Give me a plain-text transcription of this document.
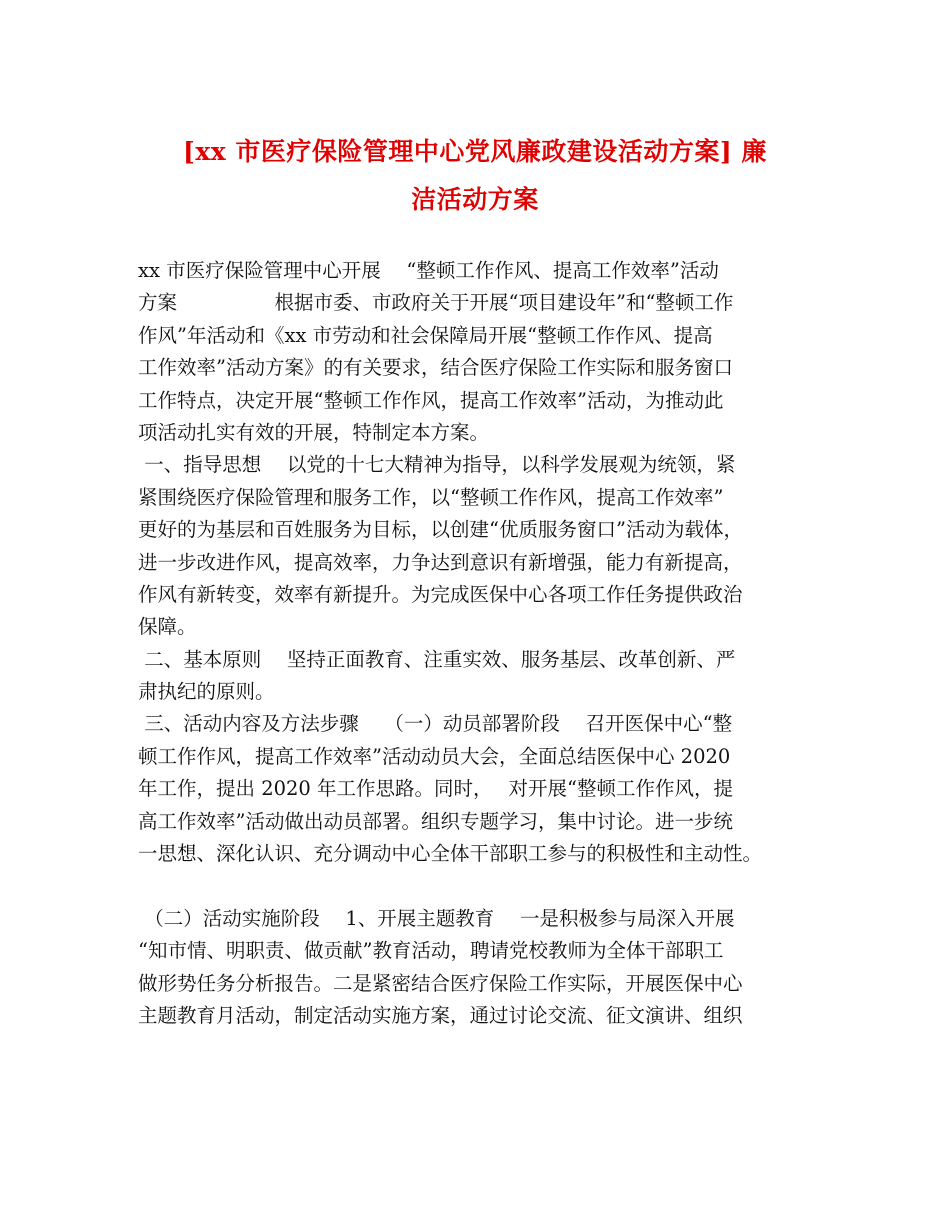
[xx 市医疗保险管理中心党风廉政建设活动方案] 廉
洁活动方案
xx 市医疗保险管理中心开展　 “整顿工作作风、提高工作效率”活动
方案　　　　　根据市委、市政府关于开展“项目建设年”和“整顿工作
作风”年活动和《xx 市劳动和社会保障局开展“整顿工作作风、提高
工作效率”活动方案》的有关要求，结合医疗保险工作实际和服务窗口
工作特点，决定开展“整顿工作作风，提高工作效率”活动，为推动此
项活动扎实有效的开展，特制定本方案。
一、指导思想　 以党的十七大精神为指导，以科学发展观为统领，紧
紧围绕医疗保险管理和服务工作，以“整顿工作作风，提高工作效率”
更好的为基层和百姓服务为目标，以创建“优质服务窗口”活动为载体，
进一步改进作风，提高效率，力争达到意识有新增强，能力有新提高，
作风有新转变，效率有新提升。为完成医保中心各项工作任务提供政治
保障。
二、基本原则　 坚持正面教育、注重实效、服务基层、改革创新、严
肃执纪的原则。
三、活动内容及方法步骤　 （一）动员部署阶段　 召开医保中心“整
顿工作作风，提高工作效率”活动动员大会，全面总结医保中心 2020
年工作，提出 2020 年工作思路。同时，　 对开展“整顿工作作风，提
高工作效率”活动做出动员部署。组织专题学习，集中讨论。进一步统
一思想、深化认识、充分调动中心全体干部职工参与的积极性和主动性。
（二）活动实施阶段　 1、开展主题教育　 一是积极参与局深入开展
“知市情、明职责、做贡献”教育活动，聘请党校教师为全体干部职工
做形势任务分析报告。二是紧密结合医疗保险工作实际，开展医保中心
主题教育月活动，制定活动实施方案，通过讨论交流、征文演讲、组织
